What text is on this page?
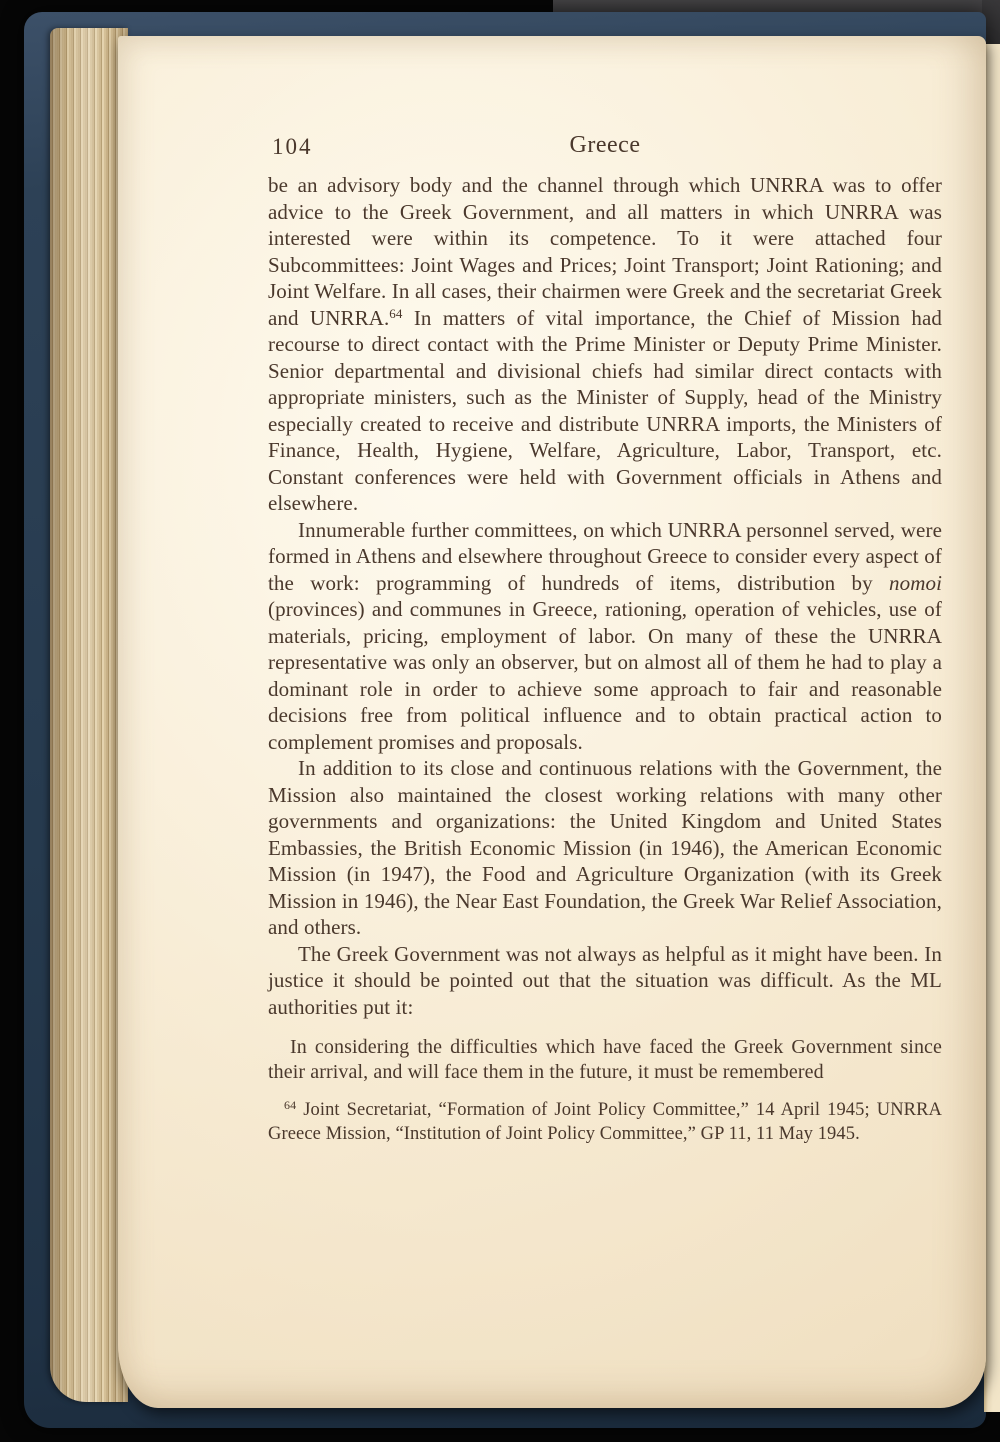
104	Greece

be an advisory body and the channel through which UNRRA was to offer advice to the Greek Government, and all matters in which UNRRA was interested were within its competence. To it were attached four Subcommittees: Joint Wages and Prices; Joint Transport; Joint Rationing; and Joint Welfare. In all cases, their chairmen were Greek and the secretariat Greek and UNRRA.$^{64}$ In matters of vital importance, the Chief of Mission had recourse to direct contact with the Prime Minister or Deputy Prime Minister. Senior departmental and divisional chiefs had similar direct contacts with appropriate ministers, such as the Minister of Supply, head of the Ministry especially created to receive and distribute UNRRA imports, the Ministers of Finance, Health, Hygiene, Welfare, Agriculture, Labor, Transport, etc. Constant conferences were held with Government officials in Athens and elsewhere.

Innumerable further committees, on which UNRRA personnel served, were formed in Athens and elsewhere throughout Greece to consider every aspect of the work: programming of hundreds of items, distribution by nomoi (provinces) and communes in Greece, rationing, operation of vehicles, use of materials, pricing, employment of labor. On many of these the UNRRA representative was only an observer, but on almost all of them he had to play a dominant role in order to achieve some approach to fair and reasonable decisions free from political influence and to obtain practical action to complement promises and proposals.

In addition to its close and continuous relations with the Government, the Mission also maintained the closest working relations with many other governments and organizations: the United Kingdom and United States Embassies, the British Economic Mission (in 1946), the American Economic Mission (in 1947), the Food and Agriculture Organization (with its Greek Mission in 1946), the Near East Foundation, the Greek War Relief Association, and others.

The Greek Government was not always as helpful as it might have been. In justice it should be pointed out that the situation was difficult. As the ML authorities put it:

In considering the difficulties which have faced the Greek Government since their arrival, and will face them in the future, it must be remembered

$^{64}$ Joint Secretariat, “Formation of Joint Policy Committee,” 14 April 1945; UNRRA Greece Mission, “Institution of Joint Policy Committee,” GP 11, 11 May 1945.
